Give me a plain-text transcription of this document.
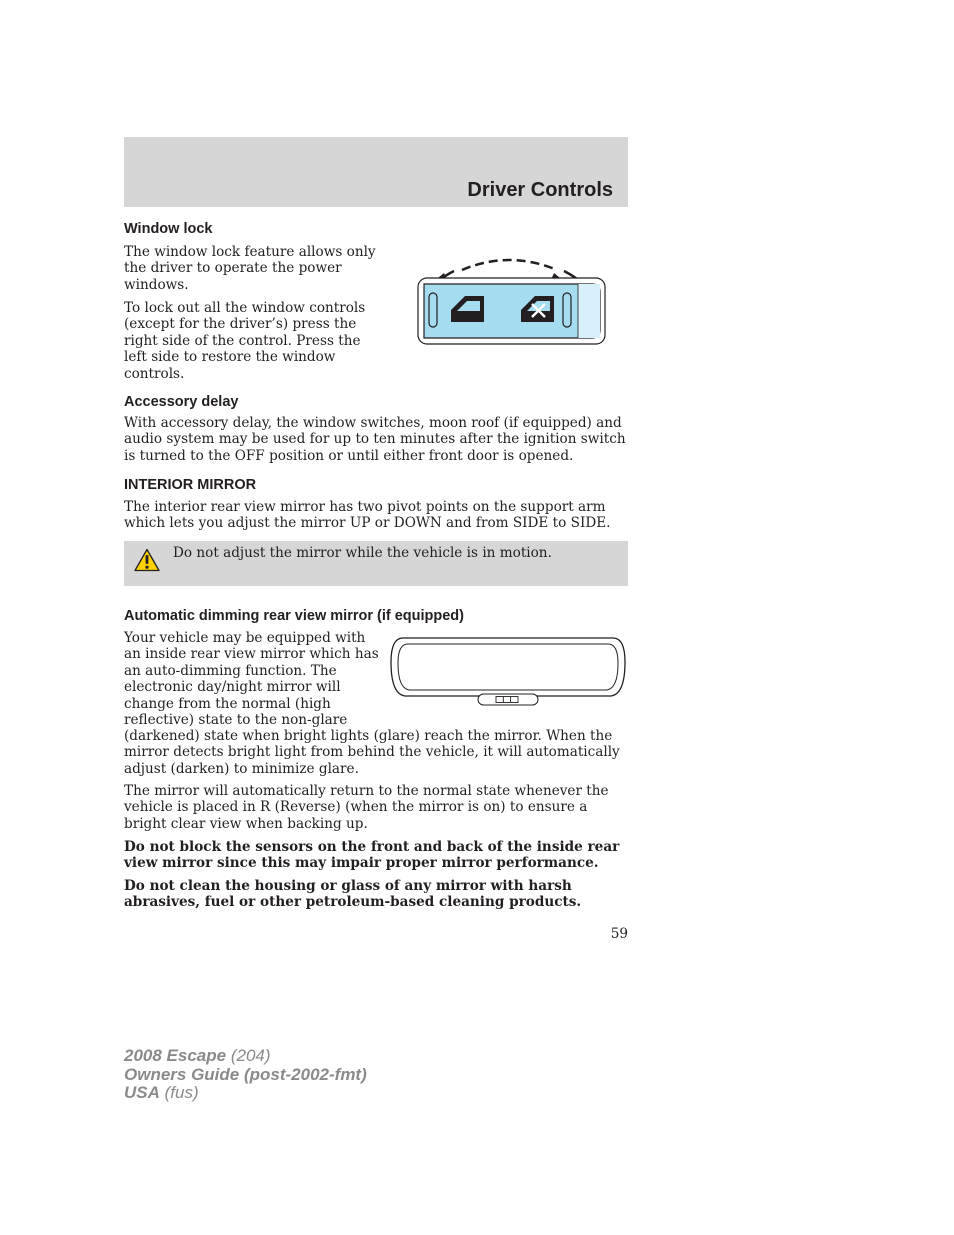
Driver Controls
Window lock

The window lock feature allows only the driver to operate the power windows.

To lock out all the window controls (except for the driver’s) press the right side of the control. Press the left side to restore the window controls.

Accessory delay

With accessory delay, the window switches, moon roof (if equipped) and audio system may be used for up to ten minutes after the ignition switch is turned to the OFF position or until either front door is opened.

INTERIOR MIRROR

The interior rear view mirror has two pivot points on the support arm which lets you adjust the mirror UP or DOWN and from SIDE to SIDE.

Do not adjust the mirror while the vehicle is in motion.
Automatic dimming rear view mirror (if equipped)
Your vehicle may be equipped with
an inside rear view mirror which has
an auto-dimming function. The
electronic day/night mirror will
change from the normal (high
reflective) state to the non-glare

(darkened) state when bright lights (glare) reach the mirror. When the mirror detects bright light from behind the vehicle, it will automatically adjust (darken) to minimize glare.

The mirror will automatically return to the normal state whenever the vehicle is placed in R (Reverse) (when the mirror is on) to ensure a bright clear view when backing up.

Do not block the sensors on the front and back of the inside rear view mirror since this may impair proper mirror performance.

Do not clean the housing or glass of any mirror with harsh abrasives, fuel or other petroleum-based cleaning products.

59
2008 Escape (204)
Owners Guide (post-2002-fmt)
USA (fus)
